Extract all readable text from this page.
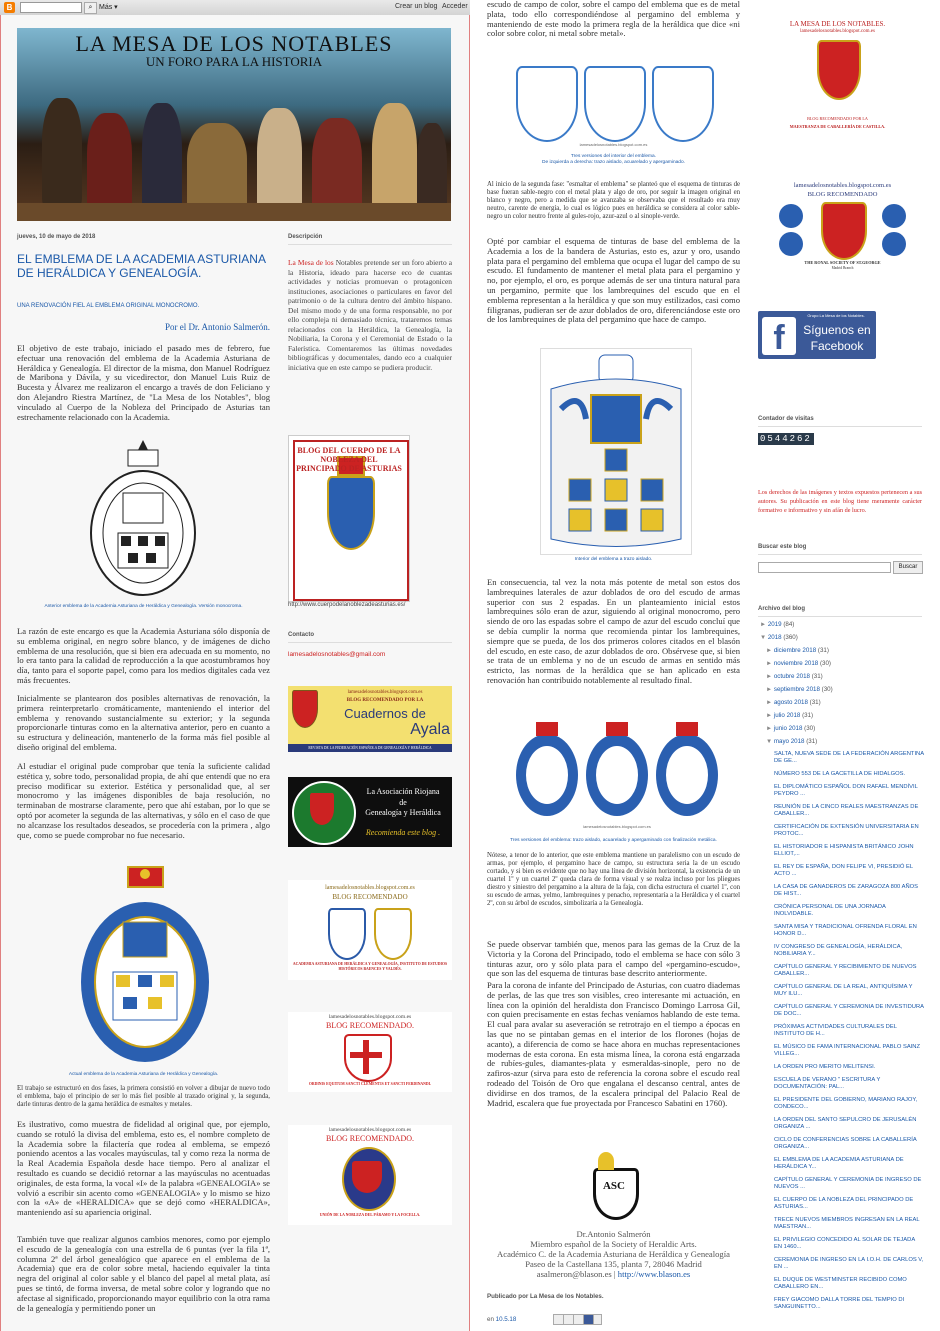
B	⌕ Más ▾	Crear un blog Acceder
LA MESA DE LOS NOTABLES
UN FORO PARA LA HISTORIA
jueves, 10 de mayo de 2018
EL EMBLEMA DE LA ACADEMIA ASTURIANA DE HERÁLDICA Y GENEALOGÍA.
UNA RENOVACIÓN FIEL AL EMBLEMA ORIGINAL MONOCROMO.
Por el Dr. Antonio Salmerón.
El objetivo de este trabajo, iniciado el pasado mes de febrero, fue efectuar una renovación del emblema de la Academia Asturiana de Heráldica y Genealogía. El director de la misma, don Manuel Rodríguez de Maribona y Dávila, y su vicedirector, don Manuel Luis Ruiz de Bucesta y Álvarez me realizaron el encargo a través de don Feliciano y don Alejandro Riestra Martínez, de "La Mesa de los Notables", blog vinculado al Cuerpo de la Nobleza del Principado de Asturias tan estrechamente relacionado con la Academia.
Anterior emblema de la Academia Asturiana de Heráldica y Genealogía. Versión monocroma.
La razón de este encargo es que la Academia Asturiana sólo disponía de su emblema original, en negro sobre blanco, y de imágenes de dicho emblema de una resolución, que si bien era adecuada en su momento, no lo era tanto para la calidad de reproducción a la que acostumbramos hoy día, tanto para el soporte papel, como para los medios digitales cada vez más frecuentes.
Inicialmente se plantearon dos posibles alternativas de renovación, la primera reinterpretarlo cromáticamente, manteniendo el interior del emblema y renovando sustancialmente su exterior; y la segunda proporcionarle tinturas como en la alternativa anterior, pero en cuanto a su estructura y delineación, mantenerlo de la forma más fiel posible al diseño original del emblema.
Al estudiar el original pude comprobar que tenía la suficiente calidad estética y, sobre todo, personalidad propia, de ahí que entendí que no era preciso modificar su exterior. Estética y personalidad que, al ser monocromo y las imágenes disponibles de baja resolución, no terminaban de mostrarse claramente, pero que ahí estaban, por lo que se optó por acometer la segunda de las alternativas, y sólo en el caso de que no alcanzase los resultados deseados, se procedería con la primera , algo que, como se puede comprobar no fue necesario.
Actual emblema de la Academia Asturiana de Heráldica y Genealogía.
El trabajo se estructuró en dos fases, la primera consistió en volver a dibujar de nuevo todo el emblema, bajo el principio de ser lo más fiel posible al trazado original y, la segunda, darle tinturas dentro de la gama heráldica de esmaltes y metales.
Es ilustrativo, como muestra de fidelidad al original que, por ejemplo, cuando se rotuló la divisa del emblema, esto es, el nombre completo de la Academia sobre la filactería que rodea al emblema, se empezó poniendo acentos a las vocales mayúsculas, tal y como reza la norma de la Real Academia Española desde hace tiempo. Pero al analizar el resultado es cuando se decidió retornar a las mayúsculas no acentuadas originales, de esta forma, la vocal «I» de la palabra «GENEALOGIA» se volvió a escribir sin acento como «GENEALOGIA» y lo mismo se hizo con la «A» de «HERALDICA» que se dejó como «HERALDICA», manteniendo así su apariencia original.
También tuve que realizar algunos cambios menores, como por ejemplo el escudo de la genealogía con una estrella de 6 puntas (ver la fila 1ª, columna 2ª del árbol genealógico que aparece en el emblema de la Academia) que era de color sobre metal, haciendo equivaler la tinta negra del original al color sable y el blanco del papel al metal plata, así pues se tintó, de forma inversa, de metal sobre color y logrando que no afectase al significado, proporcionando mayor equilibrio con la otra rama de la genealogía y permitiendo poner un
Descripción
La Mesa de los Notables pretende ser un foro abierto a la Historia, ideado para hacerse eco de cuantas actividades y noticias promuevan o protagonicen instituciones, asociaciones o particulares en favor del patrimonio o de la cultura dentro del ámbito hispano. Del mismo modo y de una forma responsable, no por ello compleja ni demasiado técnica, trataremos temas relacionados con la Heráldica, la Genealogía, la Nobiliaria, la Corona y el Ceremonial de Estado o la Falerística. Comentaremos las últimas novedades bibliográficas y documentales, dando eco a cualquier iniciativa que en este campo se pudiera producir.
BLOG DEL CUERPO DE LA NOBLEZA DEL PRINCIPADO DE ASTURIAS
http://www.cuerpodelanoblezadeasturias.es/
Contacto
lamesadelosnotables@gmail.com
lamesadelosnotables.blogspot.com.es
BLOG RECOMENDADO POR LA
Cuadernos de
Ayala
REVISTA DE LA FEDERACIÓN ESPAÑOLA DE GENEALOGÍA Y HERÁLDICA
La Asociación Riojana
de
Genealogía y Heráldica
Recomienda este blog .
lamesadelosnotables.blogspot.com.es
BLOG RECOMENDADO
ACADEMIA ASTURIANA DE HERÁLDICA Y GENEALOGÍA, INSTITUTO DE ESTUDIOS HISTÓRICOS BAENCES Y VALDÉS.
lamesadelosnotables.blogspot.com.es
BLOG RECOMENDADO.
ORDINIS EQUITUM SANCTI CLEMENTIS ET SANCTI FERDINANDI.
lamesadelosnotables.blogspot.com.es
BLOG RECOMENDADO.
UNIÓN DE LA NOBLEZA DEL PÁRAMO Y LA FOCELLA.
escudo de campo de color, sobre el campo del emblema que es de metal plata, todo ello correspondiéndose al pergamino del emblema y manteniendo de este modo la primera regla de la heráldica que dice «ni color sobre color, ni metal sobre metal».
lamesadelosnotables.blogspot.com.es
Tres versiones del interior del emblema.
De izquierda a derecha: trazo aislado, acuarelado y apergaminado.
Al inicio de la segunda fase: "esmaltar el emblema" se planteó que el esquema de tinturas de base fueran sable-negro con el metal plata y algo de oro, por seguir la imagen original en blanco y negro, pero a medida que se avanzaba se observaba que el resultado era muy neutro, carente de energía, lo cual es lógico pues en heráldica se considera al color sable-negro un color neutro frente al gules-rojo, azur-azul o al sinople-verde.
Opté por cambiar el esquema de tinturas de base del emblema de la Academia a los de la bandera de Asturias, esto es, azur y oro, usando plata para el pergamino del emblema que ocupa el lugar del campo de su escudo. El fundamento de mantener el metal plata para el pergamino y no, por ejemplo, el oro, es porque además de ser una tintura natural para un pergamino, permite que los lambrequines del escudo que en el emblema representan a la heráldica y que son muy estilizados, casi como filigranas, pudieran ser de azur doblados de oro, diferenciándose este oro de los lambrequines de plata del pergamino que hace de campo.
Interior del emblema a trazo aislado.
En consecuencia, tal vez la nota más potente de metal son estos dos lambrequines laterales de azur doblados de oro del escudo de armas superior con sus 2 espadas. En un planteamiento inicial estos lambrequines sólo eran de azur, siguiendo al original monocromo, pero siendo de oro las espadas sobre el campo de azur del escudo concluí que se debía cumplir la norma que recomienda pintar los lambrequines, siempre que se pueda, de los dos primeros colores citados en el blasón del escudo, en este caso, de azur doblados de oro. Obsérvese que, si bien se trata de un emblema y no de un escudo de armas en sentido más estricto, las normas de la heráldica que se han aplicado en esta renovación han contribuido notablemente al resultado final.
lamesadelosnotables.blogspot.com.es
Tres versiones del emblema: trazo aislado, acuarelado y apergaminado con finalización metálica.
Nótese, a tenor de lo anterior, que este emblema mantiene un paralelismo con un escudo de armas, por ejemplo, el pergamino hace de campo, su estructura seria la de un escudo cortado, y si bien es evidente que no hay una línea de división horizontal, la existencia de un cuartel 1º y un cuartel 2º queda clara de forma visual y se realza incluso por los pliegues diestro y siniestro del pergamino a la altura de la faja, con dicha estructura el cuartel 1º, con su escudo de armas, yelmo, lambrequines y penacho, representaría a la Heráldica y el cuartel 2º, con su árbol de escudos, simbolizaría a la Genealogía.
Se puede observar también que, menos para las gemas de la Cruz de la Victoria y la Corona del Principado, todo el emblema se hace con sólo 3 tinturas azur, oro y sólo plata para el campo del «pergamino-escudo», que son las del esquema de tinturas base descrito anteriormente.
Para la corona de infante del Principado de Asturias, con cuatro diademas de perlas, de las que tres son visibles, creo interesante mi actuación, en línea con la opinión del heraldista don Francisco Domingo Larrosa Gil, con quien precisamente en estas fechas veníamos hablando de este tema. El cual para avalar su aseveración se retrotrajo en el tiempo a épocas en las que no se pintaban gemas en el interior de los florones (hojas de acanto), a diferencia de como se hace ahora en muchas representaciones modernas de esta corona. En esta misma línea, la corona está engarzada de rubíes-gules, diamantes-plata y esmeraldas-sinople, pero no de zafiros-azur (sirva para esto de referencia la corona sobre el escudo real rodeado del Toisón de Oro que engalana el descanso central, antes de dividirse en dos tramos, de la escalera principal del Palacio Real de Madrid, escalera que fue proyectada por Francesco Sabatini en 1760).
ASC
Dr.Antonio Salmerón
Miembro español de la Society of Heraldic Arts.
Académico C. de la Academia Asturiana de Heráldica y Genealogía
Paseo de la Castellana 135, planta 7, 28046 Madrid
asalmeron@blason.es | http://www.blason.es
Publicado por La Mesa de los Notables.
en 10.5.18
LA MESA DE LOS NOTABLES.
lamesadelosnotables.blogspot.com.es
BLOG RECOMENDADO POR LA
MAESTRANZA DE CABALLERÍA DE CASTILLA.
lamesadelosnotables.blogspot.com.es
BLOG RECOMENDADO
THE ROYAL SOCIETY OF ST.GEORGE
Madrid Branch
Grupo La Mesa de los Notables.
f	Síguenos en
Facebook
Contador de visitas
0544262
Los derechos de las imágenes y textos expuestos pertenecen a sus autores. Su publicación en este blog tiene meramente carácter formativo e informativo y sin afán de lucro.
Buscar este blog
Buscar
Archivo del blog
► 2019 (84)
▼ 2018 (360)
► diciembre 2018 (31)
► noviembre 2018 (30)
► octubre 2018 (31)
► septiembre 2018 (30)
► agosto 2018 (31)
► julio 2018 (31)
► junio 2018 (30)
▼ mayo 2018 (31)
SALTA, NUEVA SEDE DE LA FEDERACIÓN ARGENTINA DE GE...
NÚMERO 553 DE LA GACETILLA DE HIDALGOS.
EL DIPLOMÁTICO ESPAÑOL DON RAFAEL MENDÍVIL PEYDRO ...
REUNIÓN DE LA CINCO REALES MAESTRANZAS DE CABALLER...
CERTIFICACIÓN DE EXTENSIÓN UNIVERSITARIA EN PROTOC...
EL HISTORIADOR E HISPANISTA BRITÁNICO JOHN ELLIOT,...
EL REY DE ESPAÑA, DON FELIPE VI, PRESIDIÓ EL ACTO ...
LA CASA DE GANADEROS DE ZARAGOZA 800 AÑOS DE HIST...
CRÓNICA PERSONAL DE UNA JORNADA INOLVIDABLE.
SANTA MISA Y TRADICIONAL OFRENDA FLORAL EN HONOR D...
IV CONGRESO DE GENEALOGÍA, HERÁLDICA, NOBILIARIA Y...
CAPÍTULO GENERAL Y RECIBIMIENTO DE NUEVOS CABALLER...
CAPÍTULO GENERAL DE LA REAL, ANTIQUÍSIMA Y MUY ILU...
CAPÍTULO GENERAL Y CEREMONIA DE INVESTIDURA DE DOC...
PRÓXIMAS ACTIVIDADES CULTURALES DEL INSTITUTO DE H...
EL MÚSICO DE FAMA INTERNACIONAL PABLO SAINZ VILLEG...
LA ORDEN PRO MERITO MELITENSI.
ESCUELA DE VERANO " ESCRITURA Y DOCUMENTACIÓN: PAL...
EL PRESIDENTE DEL GOBIERNO, MARIANO RAJOY, CONDECO...
LA ORDEN DEL SANTO SEPULCRO DE JERUSALÉN ORGANIZA ...
CICLO DE CONFERENCIAS SOBRE LA CABALLERÍA ORGANIZA...
EL EMBLEMA DE LA ACADEMIA ASTURIANA DE HERÁLDICA Y...
CAPÍTULO GENERAL Y CEREMONIA DE INGRESO DE NUEVOS ...
EL CUERPO DE LA NOBLEZA DEL PRINCIPADO DE ASTURIAS...
TRECE NUEVOS MIEMBROS INGRESAN EN LA REAL MAESTRAN...
EL PRIVILEGIO CONCEDIDO AL SOLAR DE TEJADA EN 1460...
CEREMONIA DE INGRESO EN LA I.O.H. DE CARLOS V, EN ...
EL DUQUE DE WESTMINSTER RECIBIDO COMO CABALLERO EN...
FREY GIACOMO DALLA TORRE DEL TEMPIO DI SANGUINETTO...
